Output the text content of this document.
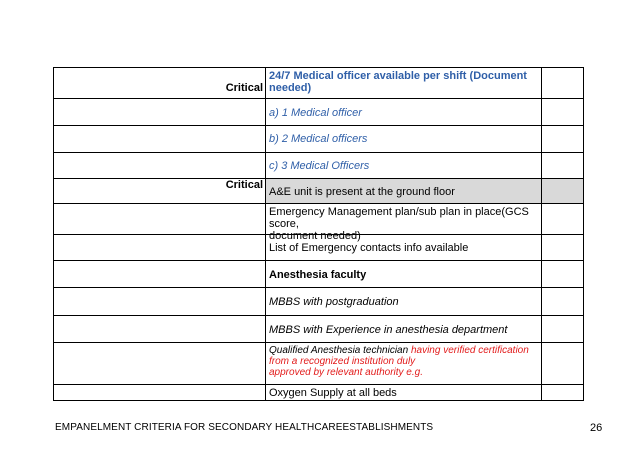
Critical
24/7 Medical officer available per shift (Document
needed)
a) 1 Medical officer
b) 2 Medical officers
c) 3 Medical Officers
Critical
A&E unit is present at the ground floor
Emergency Management plan/sub plan in place(GCS score,
document needed)
List of Emergency contacts info available
Anesthesia faculty
MBBS with postgraduation
MBBS with Experience in anesthesia department
Qualified Anesthesia technician having verified certification
from a recognized institution duly
approved by relevant authority e.g.
Oxygen Supply at all beds
EMPANELMENT CRITERIA FOR SECONDARY HEALTHCAREESTABLISHMENTS	26
